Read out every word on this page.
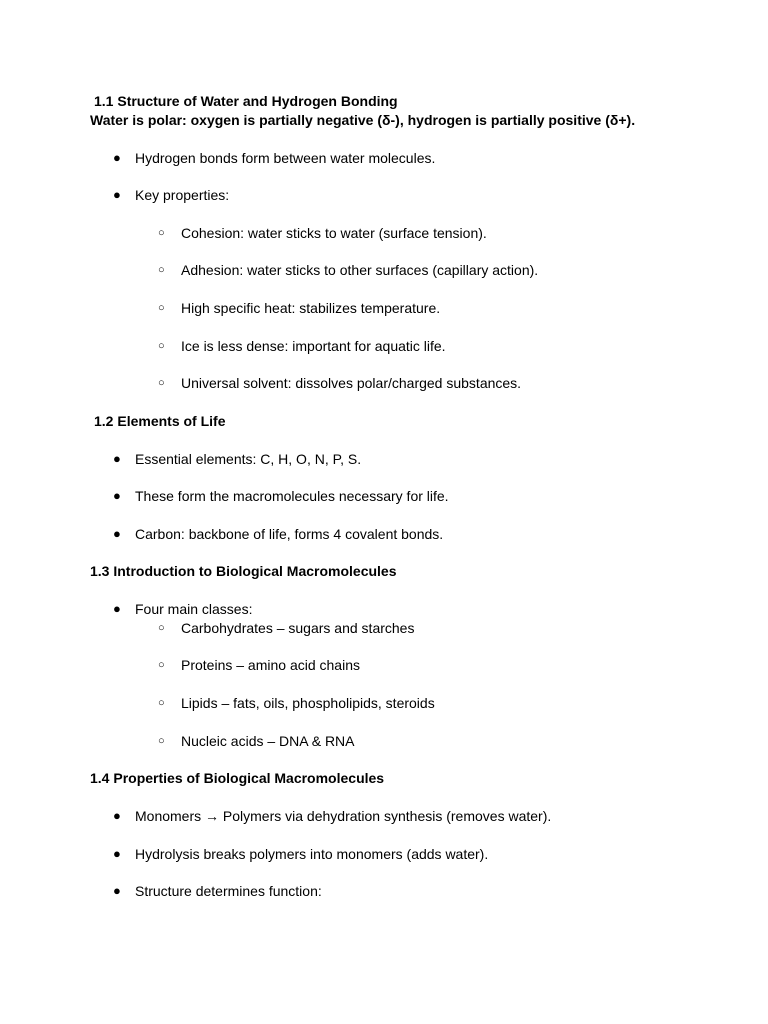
1.1 Structure of Water and Hydrogen Bonding
Water is polar: oxygen is partially negative (δ-), hydrogen is partially positive (δ+).
● Hydrogen bonds form between water molecules.
● Key properties:
○ Cohesion: water sticks to water (surface tension).
○ Adhesion: water sticks to other surfaces (capillary action).
○ High specific heat: stabilizes temperature.
○ Ice is less dense: important for aquatic life.
○ Universal solvent: dissolves polar/charged substances.
1.2 Elements of Life
● Essential elements: C, H, O, N, P, S.
● These form the macromolecules necessary for life.
● Carbon: backbone of life, forms 4 covalent bonds.
1.3 Introduction to Biological Macromolecules
● Four main classes:
○ Carbohydrates – sugars and starches
○ Proteins – amino acid chains
○ Lipids – fats, oils, phospholipids, steroids
○ Nucleic acids – DNA & RNA
1.4 Properties of Biological Macromolecules
● Monomers → Polymers via dehydration synthesis (removes water).
● Hydrolysis breaks polymers into monomers (adds water).
● Structure determines function:
